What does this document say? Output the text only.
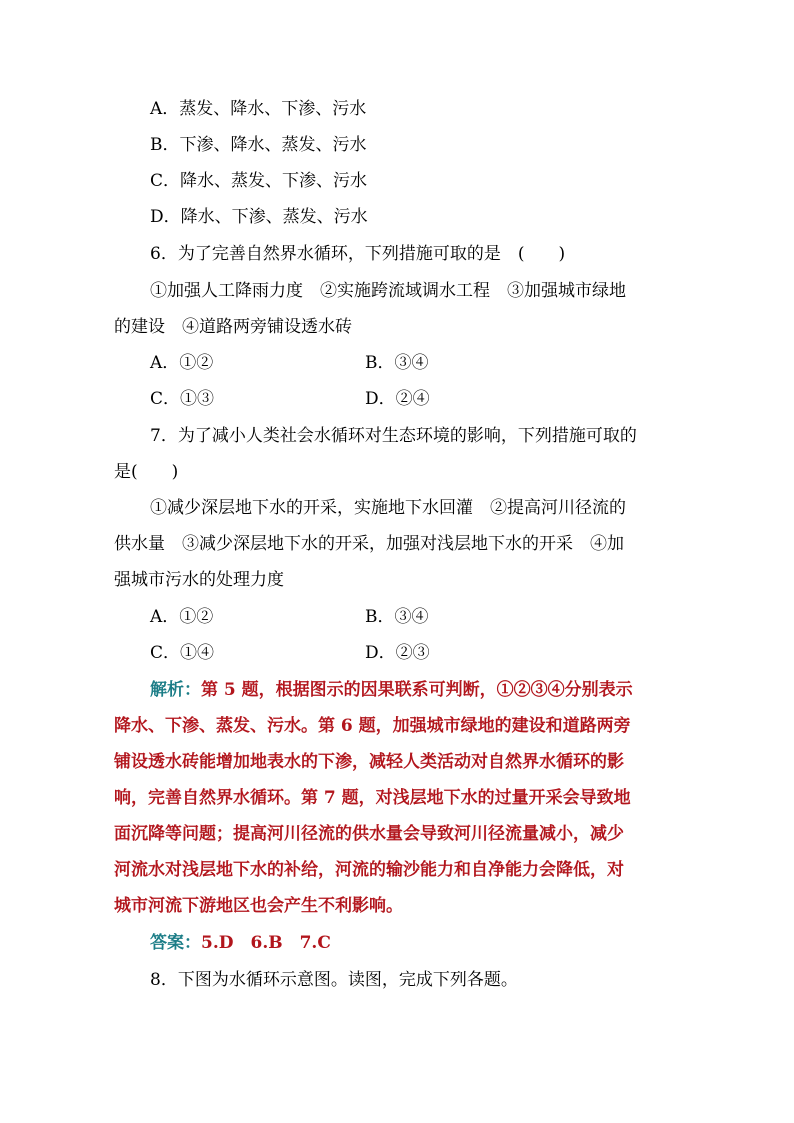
A．蒸发、降水、下渗、污水
B．下渗、降水、蒸发、污水
C．降水、蒸发、下渗、污水
D．降水、下渗、蒸发、污水
6．为了完善自然界水循环，下列措施可取的是　(　　)
①加强人工降雨力度　②实施跨流域调水工程　③加强城市绿地
的建设　④道路两旁铺设透水砖
A．①②	B．③④
C．①③	D．②④
7．为了减小人类社会水循环对生态环境的影响，下列措施可取的
是(　　)
①减少深层地下水的开采，实施地下水回灌　②提高河川径流的
供水量　③减少深层地下水的开采，加强对浅层地下水的开采　④加
强城市污水的处理力度
A．①②	B．③④
C．①④	D．②③
解析：第 5 题，根据图示的因果联系可判断，①②③④分别表示
降水、下渗、蒸发、污水。第 6 题，加强城市绿地的建设和道路两旁
铺设透水砖能增加地表水的下渗，减轻人类活动对自然界水循环的影
响，完善自然界水循环。第 7 题，对浅层地下水的过量开采会导致地
面沉降等问题；提高河川径流的供水量会导致河川径流量减小，减少
河流水对浅层地下水的补给，河流的输沙能力和自净能力会降低，对
城市河流下游地区也会产生不利影响。
答案：5.D　6.B　7.C
8．下图为水循环示意图。读图，完成下列各题。
